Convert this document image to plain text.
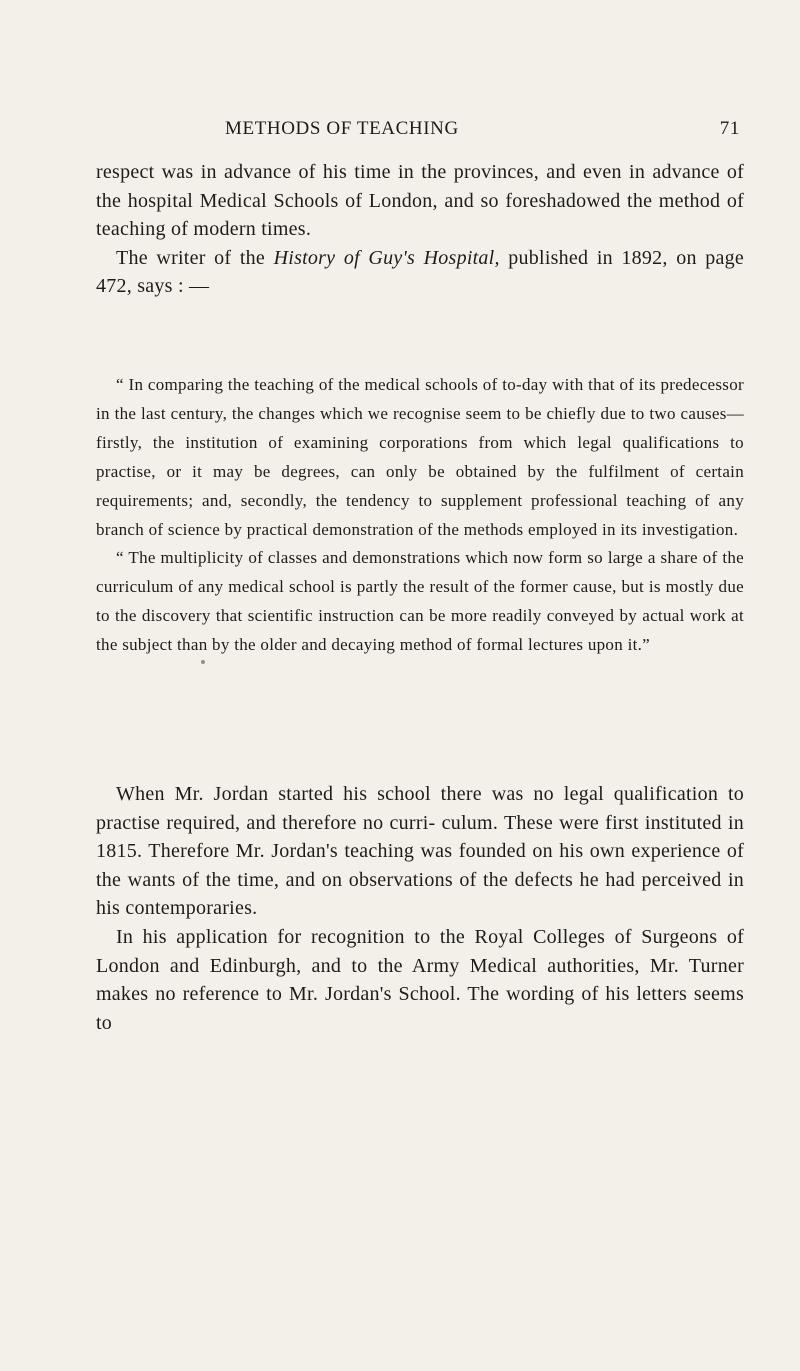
METHODS OF TEACHING	71

respect was in advance of his time in the provinces, and even in advance of the hospital Medical Schools of London, and so foreshadowed the method of teaching of modern times.

The writer of the History of Guy's Hospital, published in 1892, on page 472, says : —

“ In comparing the teaching of the medical schools of to-day with that of its predecessor in the last century, the changes which we recognise seem to be chiefly due to two causes—firstly, the institution of examining corporations from which legal qualifications to practise, or it may be degrees, can only be obtained by the fulfilment of certain requirements; and, secondly, the tendency to supplement professional teaching of any branch of science by practical demonstration of the methods employed in its investigation.

“ The multiplicity of classes and demonstrations which now form so large a share of the curriculum of any medical school is partly the result of the former cause, but is mostly due to the discovery that scientific instruction can be more readily conveyed by actual work at the subject than by the older and decaying method of formal lectures upon it.”

When Mr. Jordan started his school there was no legal qualification to practise required, and therefore no curri- culum. These were first instituted in 1815. Therefore Mr. Jordan's teaching was founded on his own experience of the wants of the time, and on observations of the defects he had perceived in his contemporaries.

In his application for recognition to the Royal Colleges of Surgeons of London and Edinburgh, and to the Army Medical authorities, Mr. Turner makes no reference to Mr. Jordan's School. The wording of his letters seems to
